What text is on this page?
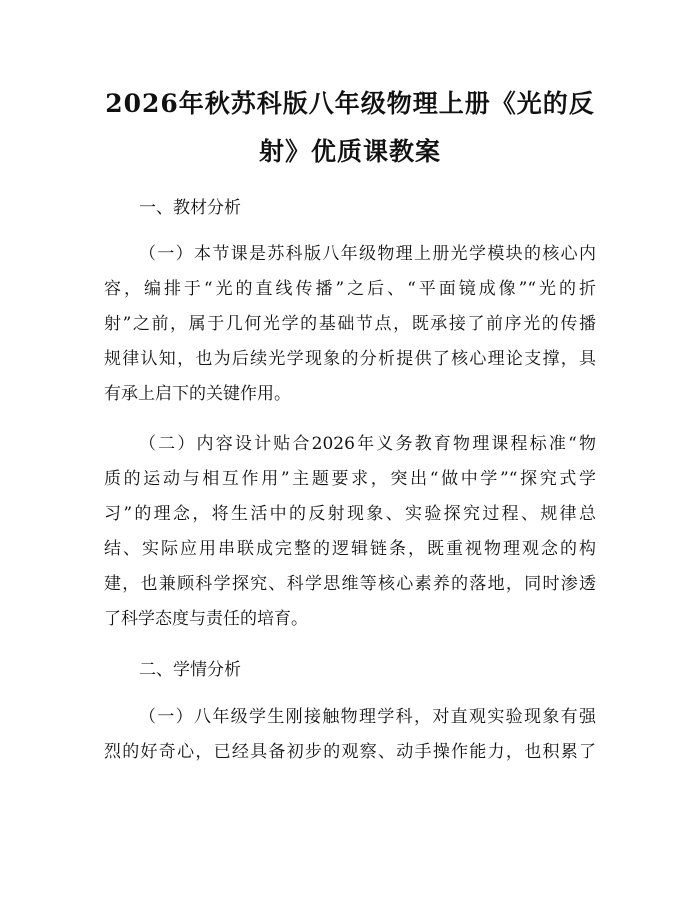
2026年秋苏科版八年级物理上册《光的反
射》优质课教案
一、教材分析
（一）本节课是苏科版八年级物理上册光学模块的核心内
容，编排于“光的直线传播”之后、“平面镜成像”“光的折
射”之前，属于几何光学的基础节点，既承接了前序光的传播
规律认知，也为后续光学现象的分析提供了核心理论支撑，具
有承上启下的关键作用。
（二）内容设计贴合2026年义务教育物理课程标准“物
质的运动与相互作用”主题要求，突出“做中学”“探究式学
习”的理念，将生活中的反射现象、实验探究过程、规律总
结、实际应用串联成完整的逻辑链条，既重视物理观念的构
建，也兼顾科学探究、科学思维等核心素养的落地，同时渗透
了科学态度与责任的培育。
二、学情分析
（一）八年级学生刚接触物理学科，对直观实验现象有强
烈的好奇心，已经具备初步的观察、动手操作能力，也积累了
